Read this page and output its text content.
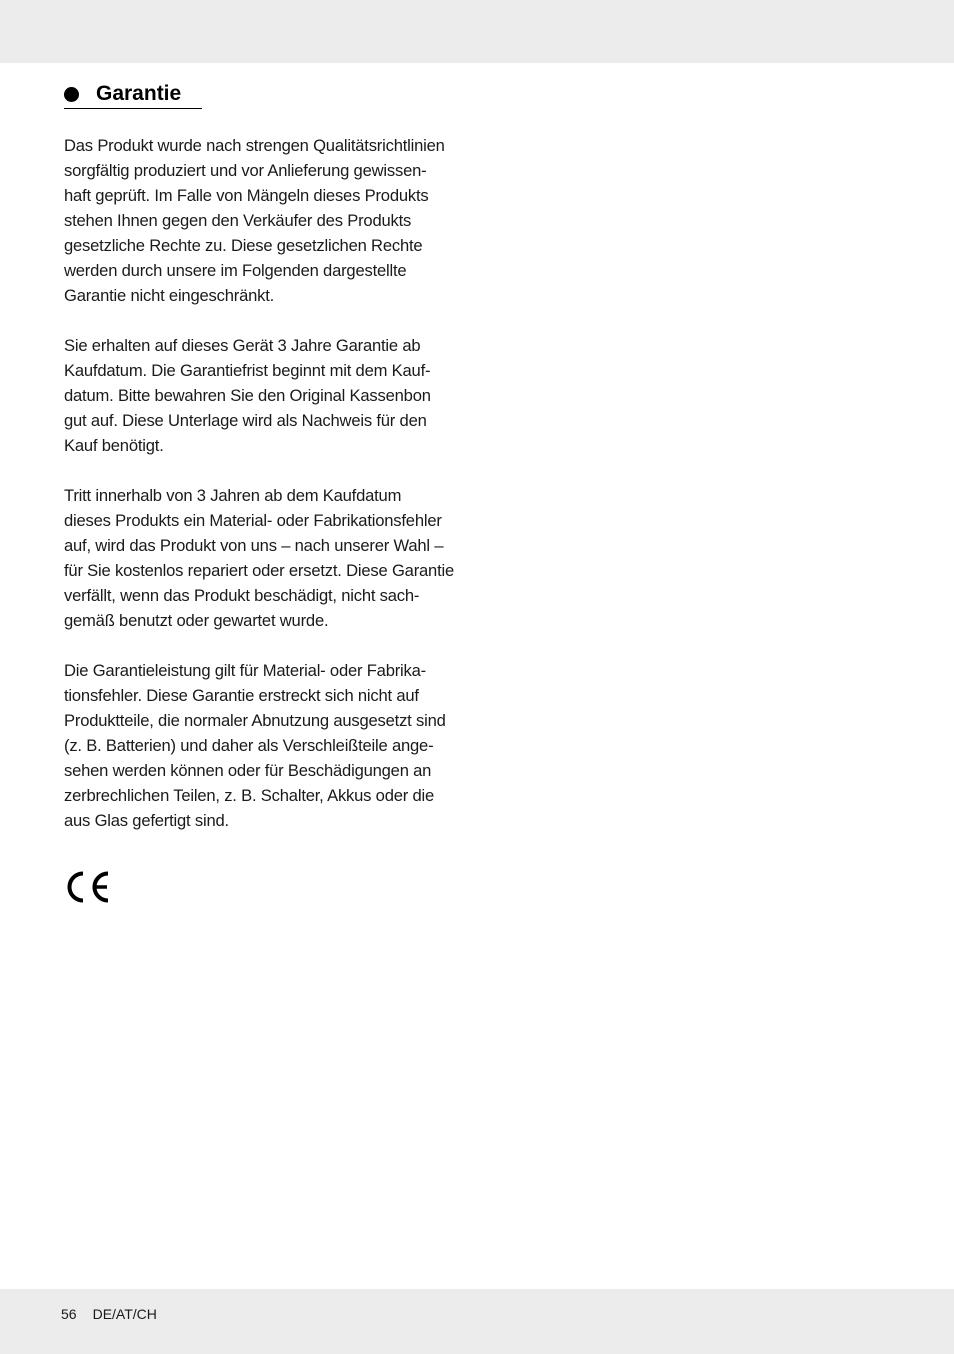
Garantie

Das Produkt wurde nach strengen Qualitätsrichtlinien
sorgfältig produziert und vor Anlieferung gewissen-
haft geprüft. Im Falle von Mängeln dieses Produkts
stehen Ihnen gegen den Verkäufer des Produkts
gesetzliche Rechte zu. Diese gesetzlichen Rechte
werden durch unsere im Folgenden dargestellte
Garantie nicht eingeschränkt.

Sie erhalten auf dieses Gerät 3 Jahre Garantie ab
Kaufdatum. Die Garantiefrist beginnt mit dem Kauf-
datum. Bitte bewahren Sie den Original Kassenbon
gut auf. Diese Unterlage wird als Nachweis für den
Kauf benötigt.

Tritt innerhalb von 3 Jahren ab dem Kaufdatum
dieses Produkts ein Material- oder Fabrikationsfehler
auf, wird das Produkt von uns – nach unserer Wahl –
für Sie kostenlos repariert oder ersetzt. Diese Garantie
verfällt, wenn das Produkt beschädigt, nicht sach-
gemäß benutzt oder gewartet wurde.

Die Garantieleistung gilt für Material- oder Fabrika-
tionsfehler. Diese Garantie erstreckt sich nicht auf
Produktteile, die normaler Abnutzung ausgesetzt sind
(z. B. Batterien) und daher als Verschleißteile ange-
sehen werden können oder für Beschädigungen an
zerbrechlichen Teilen, z. B. Schalter, Akkus oder die
aus Glas gefertigt sind.

56 DE/AT/CH
